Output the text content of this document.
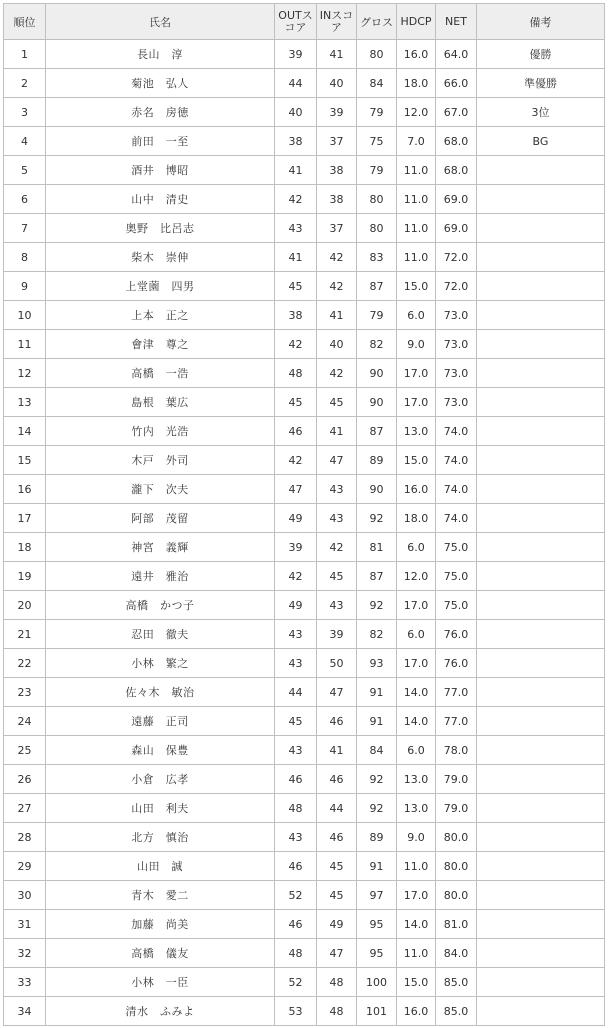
順位	氏名	OUTスコア	INスコア	グロス	HDCP	NET	備考
1	長山　淳	39	41	80	16.0	64.0	優勝
2	菊池　弘人	44	40	84	18.0	66.0	準優勝
3	赤名　房徳	40	39	79	12.0	67.0	3位
4	前田　一至	38	37	75	7.0	68.0	BG
5	酒井　博昭	41	38	79	11.0	68.0	
6	山中　清史	42	38	80	11.0	69.0	
7	奥野　比呂志	43	37	80	11.0	69.0	
8	柴木　崇伸	41	42	83	11.0	72.0	
9	上堂薗　四男	45	42	87	15.0	72.0	
10	上本　正之	38	41	79	6.0	73.0	
11	會津　尊之	42	40	82	9.0	73.0	
12	高橋　一浩	48	42	90	17.0	73.0	
13	島根　葉広	45	45	90	17.0	73.0	
14	竹内　光浩	46	41	87	13.0	74.0	
15	木戸　外司	42	47	89	15.0	74.0	
16	瀧下　次夫	47	43	90	16.0	74.0	
17	阿部　茂留	49	43	92	18.0	74.0	
18	神宮　義輝	39	42	81	6.0	75.0	
19	遠井　雅治	42	45	87	12.0	75.0	
20	高橋　かつ子	49	43	92	17.0	75.0	
21	忍田　徹夫	43	39	82	6.0	76.0	
22	小林　繁之	43	50	93	17.0	76.0	
23	佐々木　敏治	44	47	91	14.0	77.0	
24	遠藤　正司	45	46	91	14.0	77.0	
25	森山　保豊	43	41	84	6.0	78.0	
26	小倉　広孝	46	46	92	13.0	79.0	
27	山田　利夫	48	44	92	13.0	79.0	
28	北方　慎治	43	46	89	9.0	80.0	
29	山田　誠	46	45	91	11.0	80.0	
30	青木　愛二	52	45	97	17.0	80.0	
31	加藤　尚美	46	49	95	14.0	81.0	
32	高橋　儀友	48	47	95	11.0	84.0	
33	小林　一臣	52	48	100	15.0	85.0	
34	清水　ふみよ	53	48	101	16.0	85.0	
